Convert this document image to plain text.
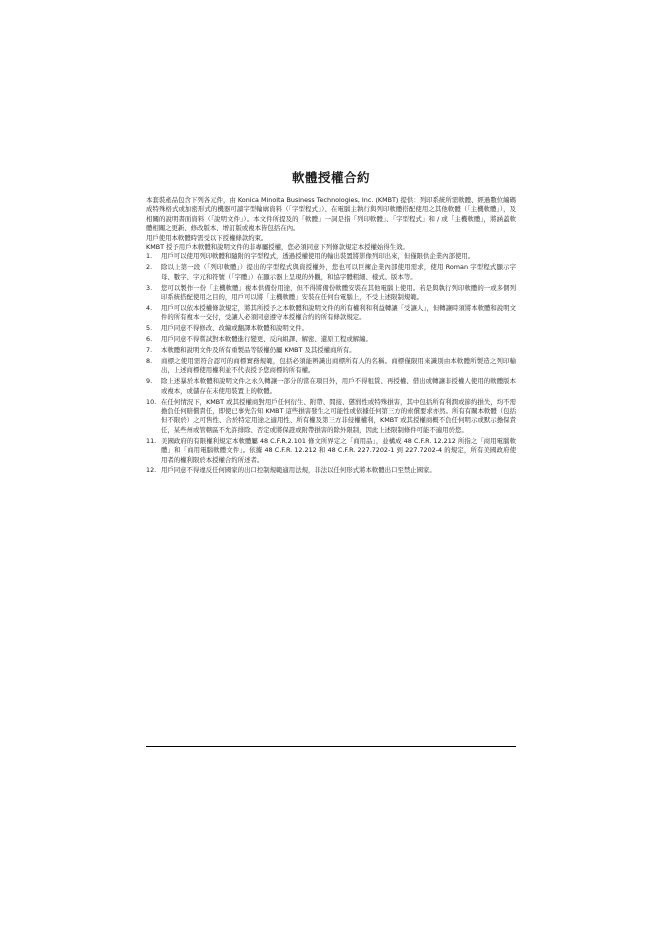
軟體授權合約

本套裝產品包含下列各元件，由 Konica Minolta Business Technologies, Inc. (KMBT) 提供：列印系統所需軟體、經過數位編碼成特殊格式或加密形式的機器可讀字型輪廓資料（「字型程式」）、在電腦主執行與列印軟體搭配使用之其他軟體（「主機軟體」），及相關的說明書面資料（「說明文件」）。本文件所提及的「軟體」一詞是指「列印軟體」、「字型程式」和 / 或「主機軟體」，將涵蓋軟體相關之更新、修改版本、增訂版或複本皆包括在內。

用戶使用本軟體時需受以下授權條款約束。

KMBT 授予用戶本軟體和說明文件的非專屬授權，您必須同意下列條款規定本授權始得生效。

1.	用戶可以使用列印軟體和隨附的字型程式，透過授權使用的輸出裝置將影像列印出來，但僅限供企業內部使用。
2.	除以上第一段（「列印軟體」）提出的字型程式與資授權外，您也可以巨擁企業內部使用需求，使用 Roman 字型程式顯示字母、數字、字元和符號（「字體」）在顯示器上呈現的外觀，和協字體粗細、樣式、版本等。
3.	您可以製作一份「主機軟體」複本供備份用途，但不得將備份軟體安裝在其他電腦上使用。若是與執行列印軟體的一或多個列印系統搭配使用之目的，用戶可以將「主機軟體」安裝在任何台電腦上，不受上述限制規範。
4.	用戶可以依本授權條款規定，將其所授予之本軟體和說明文件的所有權利和利益轉讓「受讓人」，但轉讓時須將本軟體和說明文件的所有複本一交付，受讓人必須同意遵守本授權合約的所有條款規定。
5.	用戶同意不得修改、改編或翻譯本軟體和說明文件。
6.	用戶同意不得嘗試對本軟體進行變更、反向組譯、解密、還原工程或解編。
7.	本軟體和說明文件及所有重製品等版權仍屬 KMBT 及其授權商所有。
8.	商標之使用需符合認可的商標實務規範，包括必須能辨識出商標所有人的名稱。商標僅限用來識別由本軟體所製造之列印輸出，上述商標使用權利並不代表授予您商標的所有權。
9.	除上述暴於本軟體和說明文件之永久轉讓一部分的當在項目外，用戶不得租賃、再授權、借出或轉讓非授權人使用的軟體版本或複本，或儲存在未使用裝置上的軟體。
10. 在任何情況下，KMBT 或其授權商對用戶任何衍生、附帶、間接、懲罰性或特殊損害，其中包括所有利潤或節約損失，均不需擔負任何賠償責任，即使已事先告知 KMBT 這些損害發生之可能性或依據任何第三方的索償要求亦然。所有有關本軟體（包括但不限於）之可售性、合於特定用途之適用性、所有權及第三方非侵權權利，KMBT 或其授權商概不負任何明示或默示擔保責任，某些州或管轄區不允許排除、否定或將保證或附帶損害的除外限制，因此上述限制條件可能不適用於您。
11. 美國政府的有限權利規定本軟體屬 48 C.F.R.2.101 條文所界定之「商用品」，並構成 48 C.F.R. 12.212 所指之「商用電腦軟體」和「商用電腦軟體文件」。依據 48 C.F.R. 12.212 和 48 C.F.R. 227.7202-1 到 227.7202-4 的規定，所有美國政府使用者的權利限於本授權合約所述者。
12. 用戶同意不得違反任何國家的出口控制規範適用法規，非法以任何形式將本軟體出口至禁止國家。
